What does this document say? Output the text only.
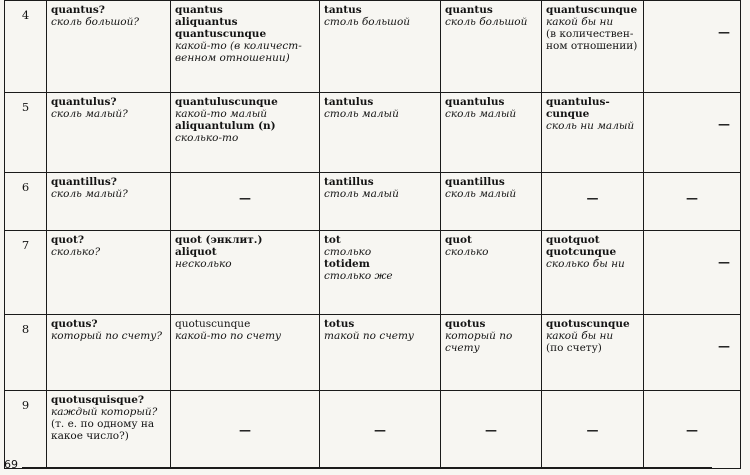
4	quantus?
сколь большой?	quantus
aliquantus
quantuscunque
какой-то (в количест-венном отношении)	tantus
столь большой	quantus
сколь большой	quantuscunque
какой бы ни
(в количествен-ном отношении)	—

5	quantulus?
сколь малый?	quantuluscunque
какой-то малый
aliquantulum (n)
сколько-то	tantulus
столь малый	quantulus
сколь малый	quantulus-
cunque
сколь ни малый	—

6	quantillus?
сколь малый?	—	tantillus
столь малый	quantillus
сколь малый	—	—

7	quot?
сколько?	quot (энклит.)
aliquot
несколько	tot
столько
totidem
столько же	quot
сколько	quotquot
quotcunque
сколько бы ни	—

8	quotus?
который по счету?	quotuscunque
какой-то по счету	totus
такой по счету	quotus
который по счету	quotuscunque
какой бы ни
(по счету)	—

9	quotusquisque?
каждый который?
(т. е. по одному на какое число?)	—	—	—	—	—
69
